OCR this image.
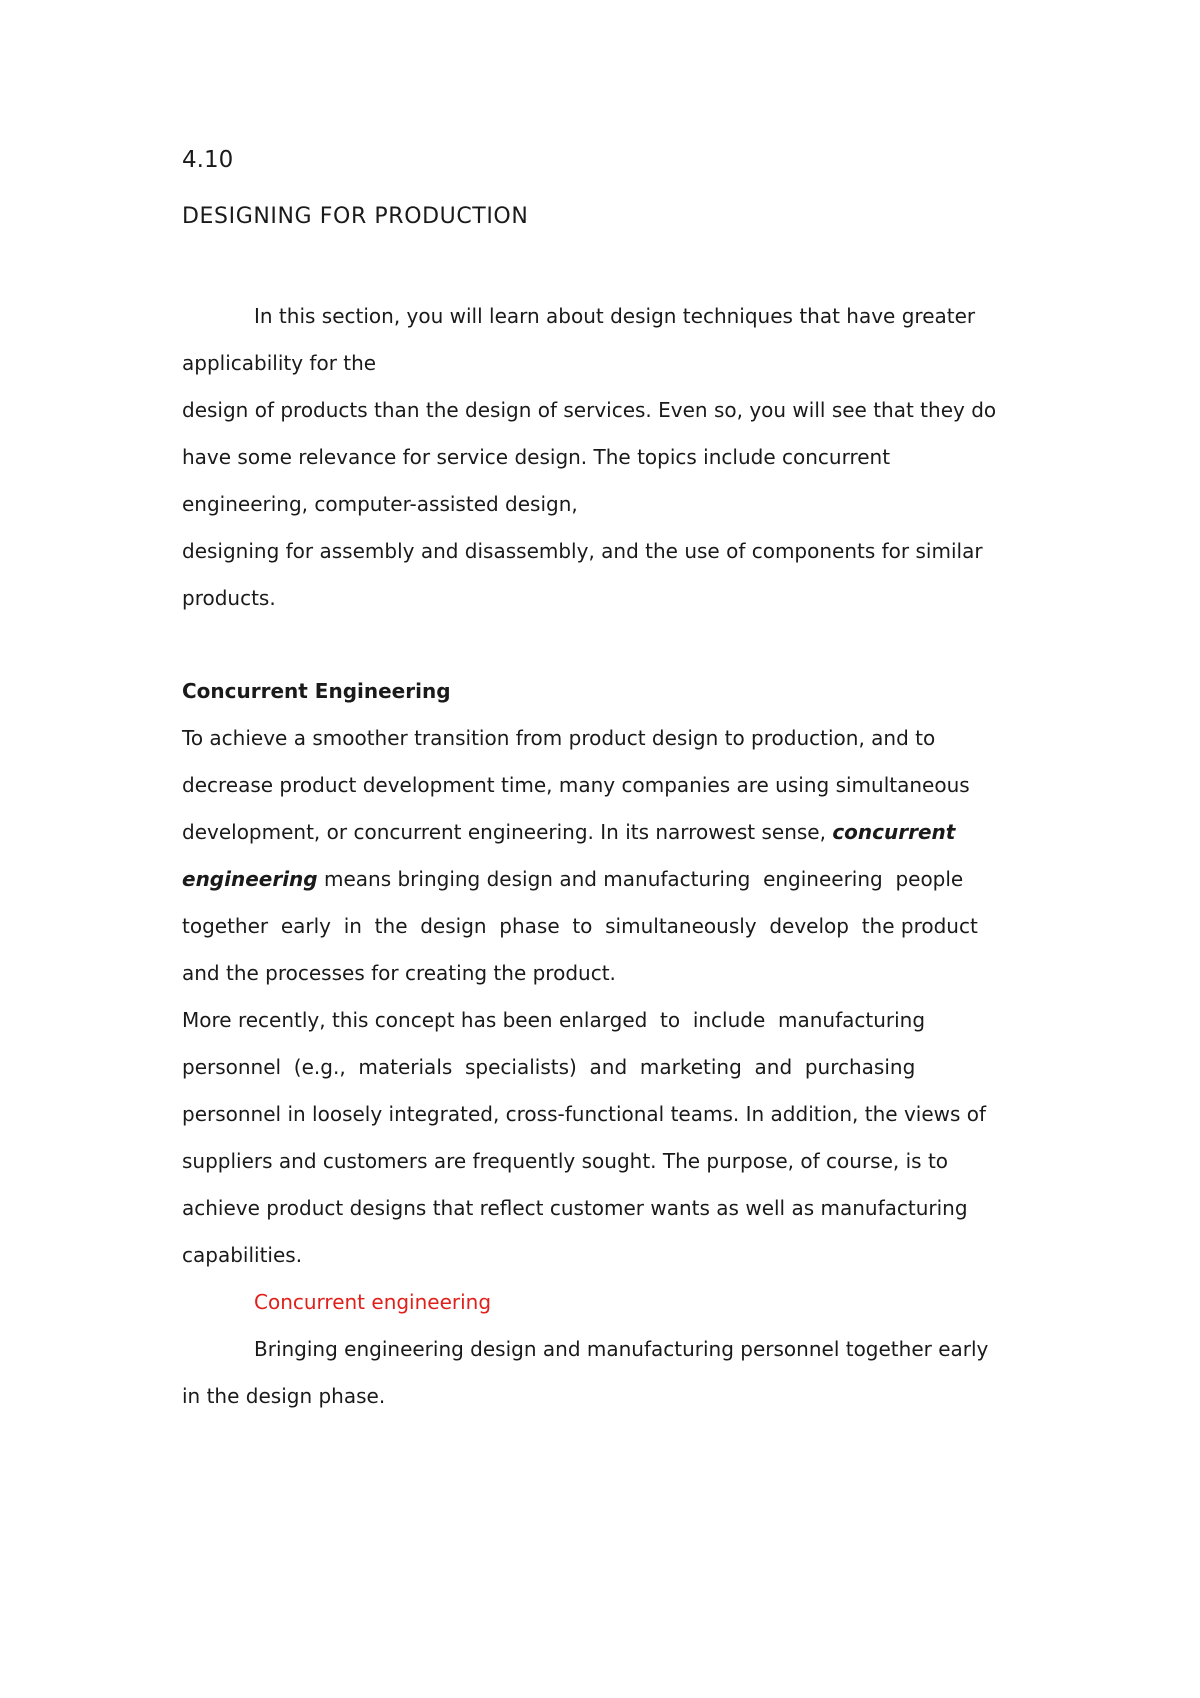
4.10
DESIGNING FOR PRODUCTION

In this section, you will learn about design techniques that have greater

applicability for the

design of products than the design of services. Even so, you will see that they do

have some relevance for service design. The topics include concurrent

engineering, computer-assisted design,

designing for assembly and disassembly, and the use of components for similar

products.

Concurrent Engineering

To achieve a smoother transition from product design to production, and to

decrease product development time, many companies are using simultaneous

development, or concurrent engineering. In its narrowest sense, concurrent

engineering means bringing design and manufacturing  engineering  people

together  early  in  the  design  phase  to  simultaneously  develop  the product

and the processes for creating the product.

More recently, this concept has been enlarged  to  include  manufacturing

personnel  (e.g.,  materials  specialists)  and  marketing  and  purchasing

personnel in loosely integrated, cross-functional teams. In addition, the views of

suppliers and customers are frequently sought. The purpose, of course, is to

achieve product designs that reflect customer wants as well as manufacturing

capabilities.

Concurrent engineering

Bringing engineering design and manufacturing personnel together early

in the design phase.
